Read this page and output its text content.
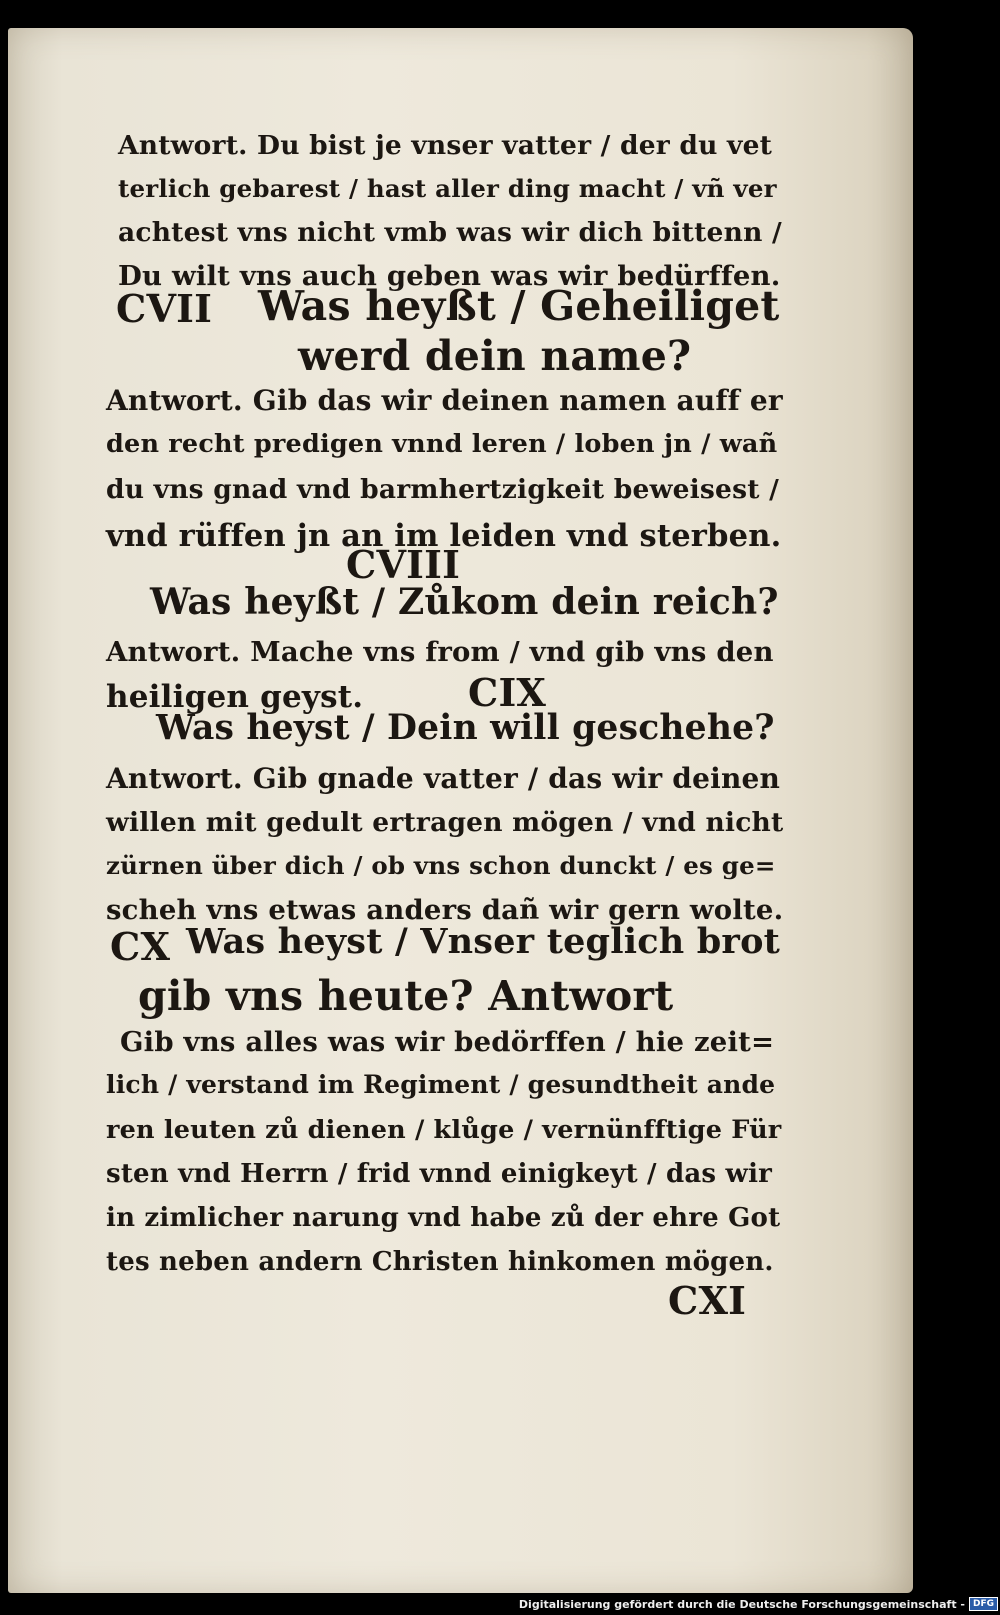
Antwort. Du bist je vnser vatter / der du vet
terlich gebarest / hast aller ding macht / vñ ver
achtest vns nicht vmb was wir dich bittenn /
Du wilt vns auch geben was wir bedürffen.
CVII Was heyßt / Geheiliget
werd dein name?
Antwort. Gib das wir deinen namen auff er
den recht predigen vnnd leren / loben jn / wañ
du vns gnad vnd barmhertzigkeit beweisest /
vnd rüffen jn an im leiden vnd sterben.
CVIII
Was heyßt / Zůkom dein reich?
Antwort. Mache vns from / vnd gib vns den
heiligen geyst.	CIX
Was heyst / Dein will geschehe?
Antwort. Gib gnade vatter / das wir deinen
willen mit gedult ertragen mögen / vnd nicht
zürnen über dich / ob vns schon dunckt / es ge=
scheh vns etwas anders dañ wir gern wolte.
CX Was heyst / Vnser teglich brot
gib vns heute? Antwort
Gib vns alles was wir bedörffen / hie zeit=
lich / verstand im Regiment / gesundtheit ande
ren leuten zů dienen / klůge / vernünfftige Für
sten vnd Herrn / frid vnnd einigkeyt / das wir
in zimlicher narung vnd habe zů der ehre Got
tes neben andern Christen hinkomen mögen.
CXI
Digitalisierung gefördert durch die Deutsche Forschungsgemeinschaft - DFG
